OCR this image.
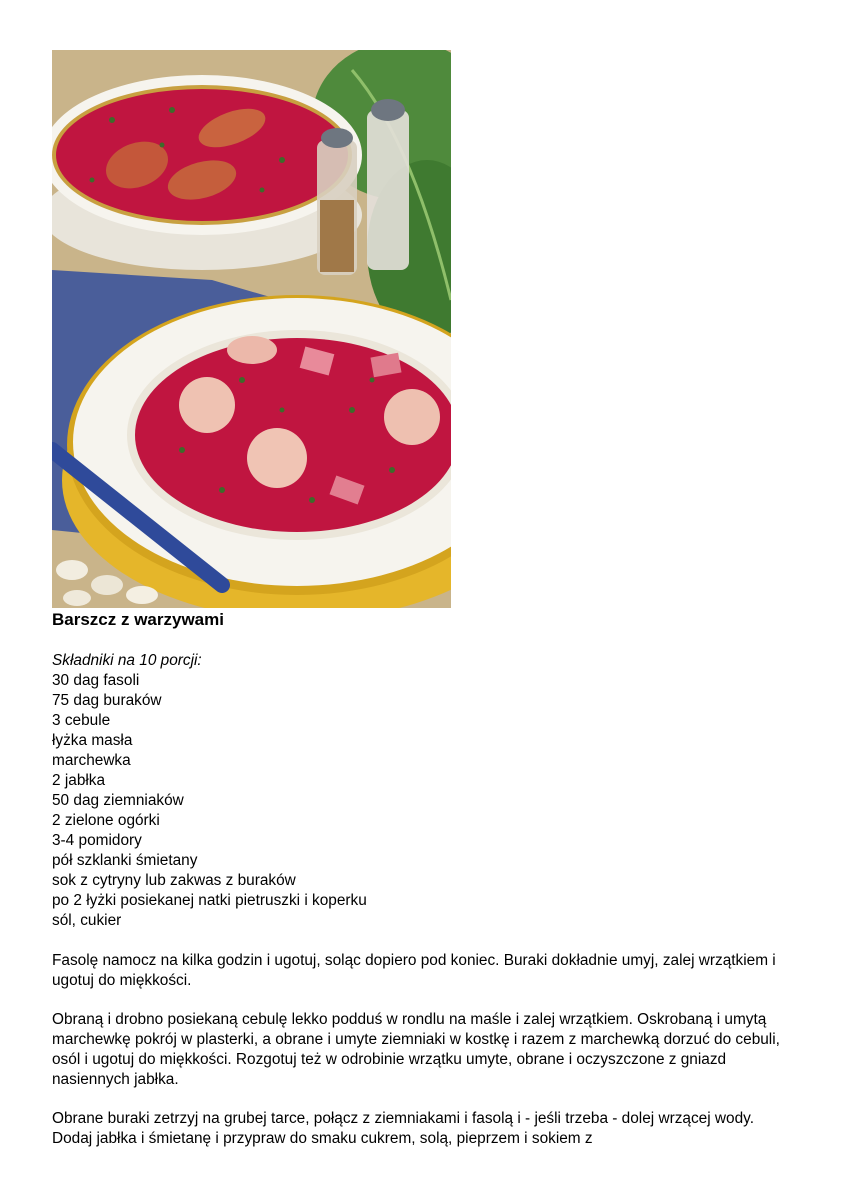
Barszcz z warzywami

Składniki na 10 porcji:

30 dag fasoli
75 dag buraków
3 cebule
łyżka masła
marchewka
2 jabłka
50 dag ziemniaków
2 zielone ogórki
3-4 pomidory
pół szklanki śmietany
sok z cytryny lub zakwas z buraków
po 2 łyżki posiekanej natki pietruszki i koperku
sól, cukier

Fasolę namocz na kilka godzin i ugotuj, soląc dopiero pod koniec. Buraki dokładnie umyj, zalej wrzątkiem i ugotuj do miękkości.

Obraną i drobno posiekaną cebulę lekko podduś w rondlu na maśle i zalej wrzątkiem. Oskrobaną i umytą marchewkę pokrój w plasterki, a obrane i umyte ziemniaki w kostkę i razem z marchewką dorzuć do cebuli, osól i ugotuj do miękkości. Rozgotuj też w odrobinie wrzątku umyte, obrane i oczyszczone z gniazd nasiennych jabłka.

Obrane buraki zetrzyj na grubej tarce, połącz z ziemniakami i fasolą i - jeśli trzeba - dolej wrzącej wody. Dodaj jabłka i śmietanę i przypraw do smaku cukrem, solą, pieprzem i sokiem z
